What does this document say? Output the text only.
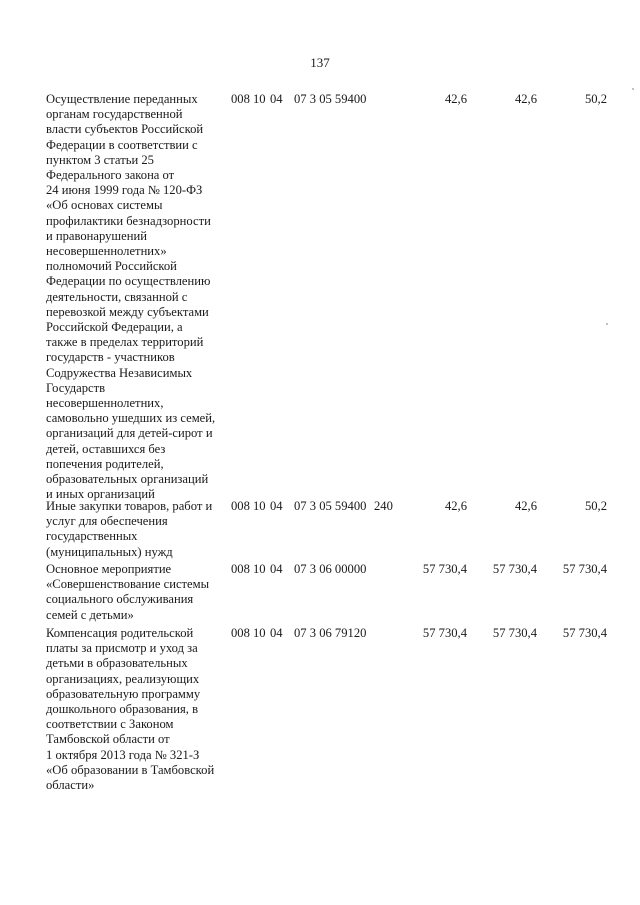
137
Осуществление переданных
органам государственной
власти субъектов Российской
Федерации в соответствии с
пунктом 3 статьи 25
Федерального закона от
24 июня 1999 года № 120-ФЗ
«Об основах системы
профилактики безнадзорности
и правонарушений
несовершеннолетних»
полномочий Российской
Федерации по осуществлению
деятельности, связанной с
перевозкой между субъектами
Российской Федерации, а
также в пределах территорий
государств - участников
Содружества Независимых
Государств
несовершеннолетних,
самовольно ушедших из семей,
организаций для детей-сирот и
детей, оставшихся без
попечения родителей,
образовательных организаций
и иных организаций
008 10 04 07 3 05 59400	42,6	42,6	50,2
Иные закупки товаров, работ и
услуг для обеспечения
государственных
(муниципальных) нужд
008 10 04 07 3 05 59400 240	42,6	42,6	50,2
Основное мероприятие
«Совершенствование системы
социального обслуживания
семей с детьми»
008 10 04 07 3 06 00000	57 730,4	57 730,4	57 730,4
Компенсация родительской
платы за присмотр и уход за
детьми в образовательных
организациях, реализующих
образовательную программу
дошкольного образования, в
соответствии с Законом
Тамбовской области от
1 октября 2013 года № 321-З
«Об образовании в Тамбовской
области»
008 10 04 07 3 06 79120	57 730,4	57 730,4	57 730,4
